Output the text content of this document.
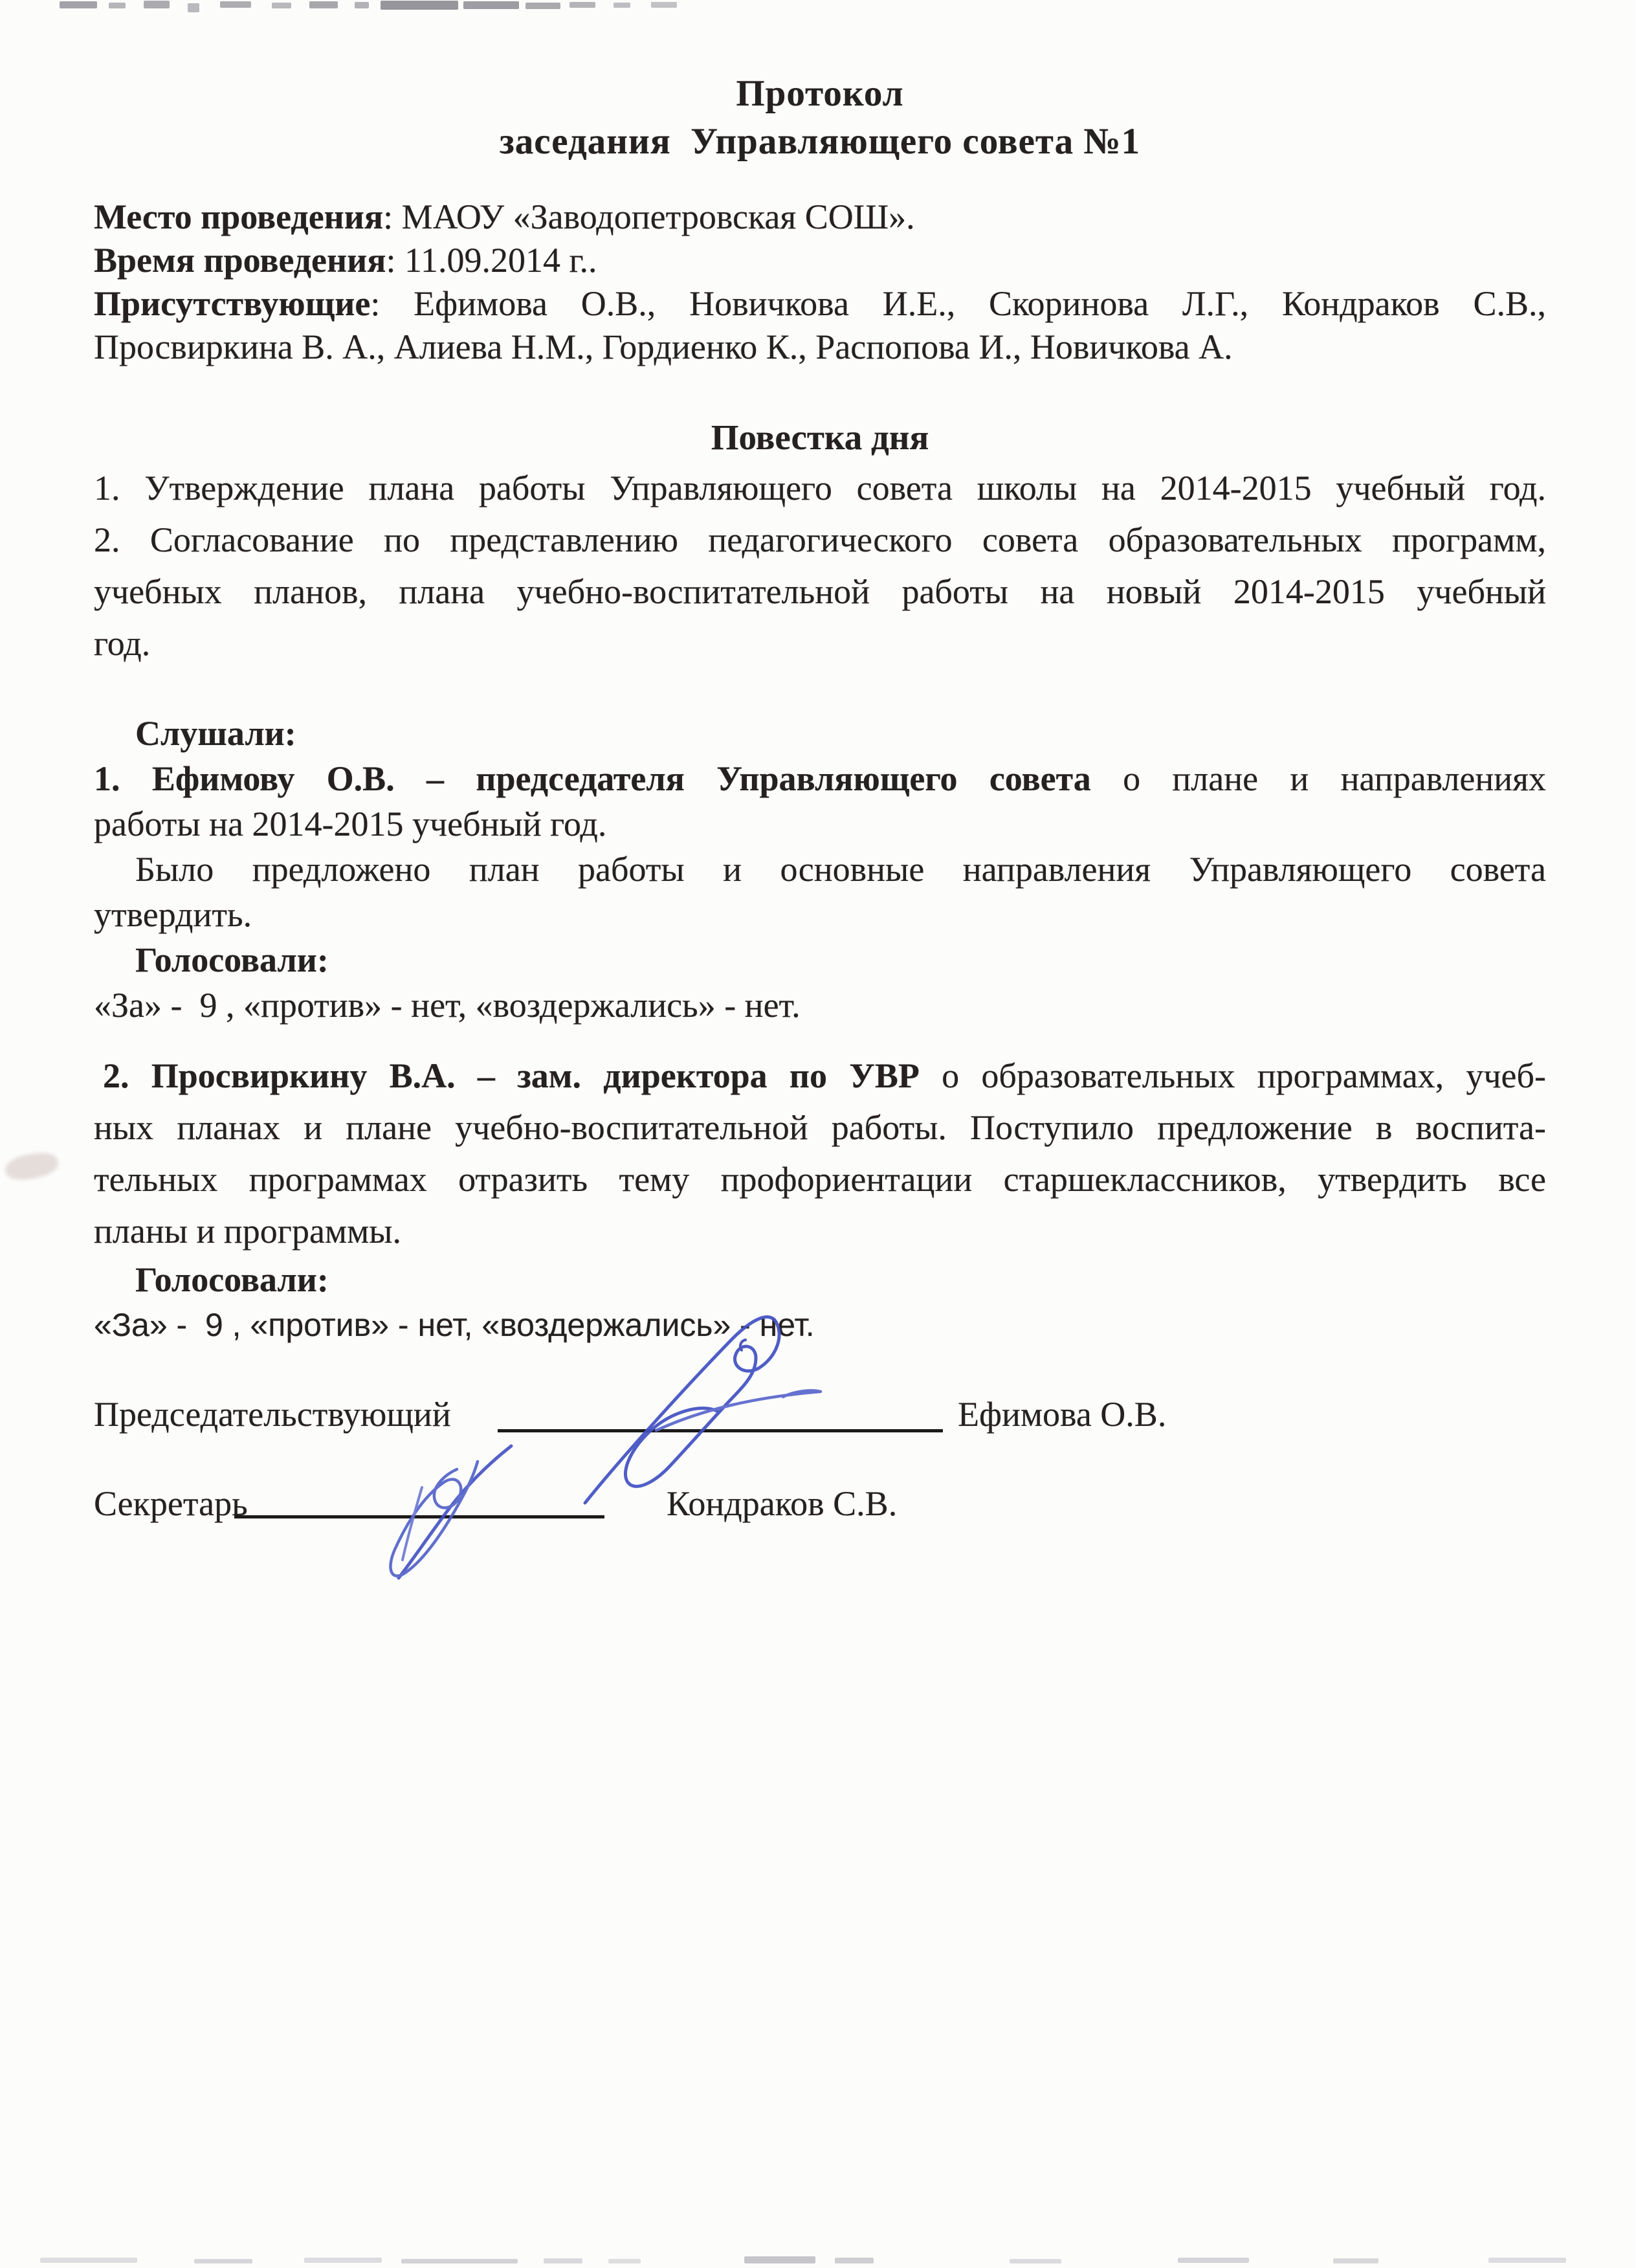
Протокол
заседания  Управляющего совета №1
Место проведения: МАОУ «Заводопетровская СОШ».
Время проведения: 11.09.2014 г..
Присутствующие: Ефимова О.В., Новичкова И.Е., Скоринова Л.Г., Кондраков С.В.,
Просвиркина В. А., Алиева Н.М., Гордиенко К., Распопова И., Новичкова А.
Повестка дня
1. Утверждение плана работы Управляющего совета школы на 2014-2015 учебный год.
2. Согласование по представлению педагогического совета образовательных программ,
учебных планов, плана учебно-воспитательной работы на новый 2014-2015 учебный
год.
Слушали:
1. Ефимову О.В. – председателя Управляющего совета о плане и направлениях
работы на 2014-2015 учебный год.
Было предложено план работы и основные направления Управляющего совета
утвердить.
Голосовали:
«За» -  9 , «против» - нет, «воздержались» - нет.
2. Просвиркину В.А. – зам. директора по УВР о образовательных программах, учеб-
ных планах и плане учебно-воспитательной работы. Поступило предложение в воспита-
тельных программах отразить тему профориентации старшеклассников, утвердить все
планы и программы.
Голосовали:
«За» -  9 , «против» - нет, «воздержались» - нет.
Председательствующий	Ефимова О.В.
Секретарь	Кондраков С.В.
